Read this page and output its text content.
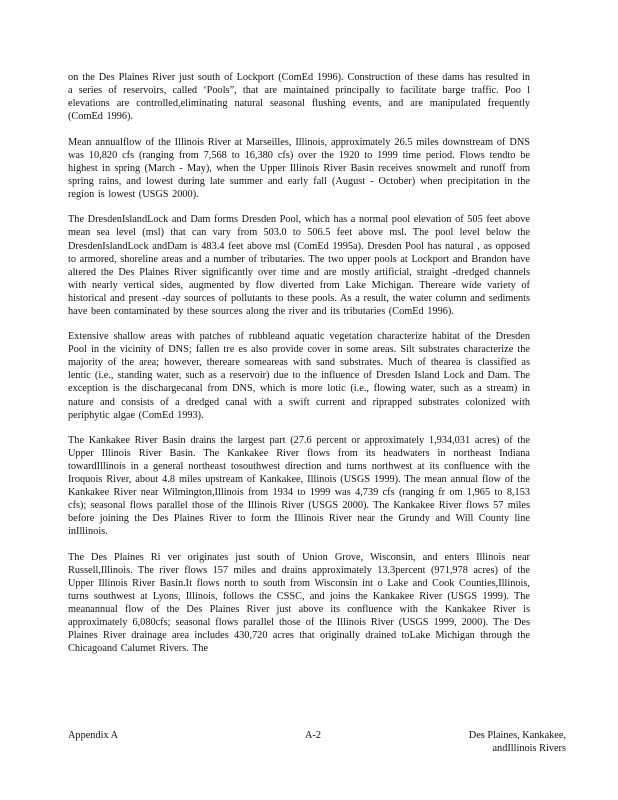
on the Des Plaines River just south of Lockport (ComEd 1996). Construction of these dams has resulted in a series of reservoirs, called ‘Pools”, that are maintained principally to facilitate barge traffic. Poo l elevations are controlled,eliminating natural seasonal flushing events, and are manipulated frequently (ComEd 1996).

Mean annualflow of the Illinois River at Marseilles, Illinois, approximately 26.5 miles downstream of DNS was 10,820 cfs (ranging from 7,568 to 16,380 cfs) over the 1920 to 1999 time period. Flows tendto be highest in spring (March - May), when the Upper Illinois River Basin receives snowmelt and runoff from spring rains, and lowest during late summer and early fall (August - October) when precipitation in the region is lowest (USGS 2000).

The DresdenIslandLock and Dam forms Dresden Pool, which has a normal pool elevation of 505 feet above mean sea level (msl) that can vary from 503.0 to 506.5 feet above msl. The pool level below the DresdenIslandLock andDam is 483.4 feet above msl (ComEd 1995a). Dresden Pool has natural , as opposed to armored, shoreline areas and a number of tributaries. The two upper pools at Lockport and Brandon have altered the Des Plaines River significantly over time and are mostly artificial, straight -dredged channels with nearly vertical sides, augmented by flow diverted from Lake Michigan. Thereare wide variety of historical and present -day sources of pollutants to these pools. As a result, the water column and sediments have been contaminated by these sources along the river and its tributaries (ComEd 1996).

Extensive shallow areas with patches of rubbleand aquatic vegetation characterize habitat of the Dresden Pool in the vicinity of DNS; fallen tre es also provide cover in some areas. Silt substrates characterize the majority of the area; however, thereare someareas with sand substrates. Much of thearea is classified as lentic (i.e., standing water, such as a reservoir) due to the influence of Dresden Island Lock and Dam. The exception is the dischargecanal from DNS, which is more lotic (i.e., flowing water, such as a stream) in nature and consists of a dredged canal with a swift current and riprapped substrates colonized with periphytic algae (ComEd 1993).

The Kankakee River Basin drains the largest part (27.6 percent or approximately 1,934,031 acres) of the Upper Illinois River Basin. The Kankakee River flows from its headwaters in northeast Indiana towardIllinois in a general northeast tosouthwest direction and turns northwest at its confluence with the Iroquois River, about 4.8 miles upstream of Kankakee, Illinois (USGS 1999). The mean annual flow of the Kankakee River near Wilmington,Illinois from 1934 to 1999 was 4,739 cfs (ranging fr om 1,965 to 8,153 cfs); seasonal flows parallel those of the Illinois River (USGS 2000). The Kankakee River flows 57 miles before joining the Des Plaines River to form the Illinois River near the Grundy and Will County line inIllinois.

The Des Plaines Ri ver originates just south of Union Grove, Wisconsin, and enters Illinois near Russell,Illinois. The river flows 157 miles and drains approximately 13.3percent (971,978 acres) of the Upper Illinois River Basin.It flows north to south from Wisconsin int o Lake and Cook Counties,Illinois, turns southwest at Lyons, Illinois, follows the CSSC, and joins the Kankakee River (USGS 1999). The meanannual flow of the Des Plaines River just above its confluence with the Kankakee River is approximately 6,080cfs; seasonal flows parallel those of the Illinois River (USGS 1999, 2000). The Des Plaines River drainage area includes 430,720 acres that originally drained toLake Michigan through the Chicagoand Calumet Rivers. The

Appendix A	A-2	Des Plaines, Kankakee,
andIllinois Rivers
